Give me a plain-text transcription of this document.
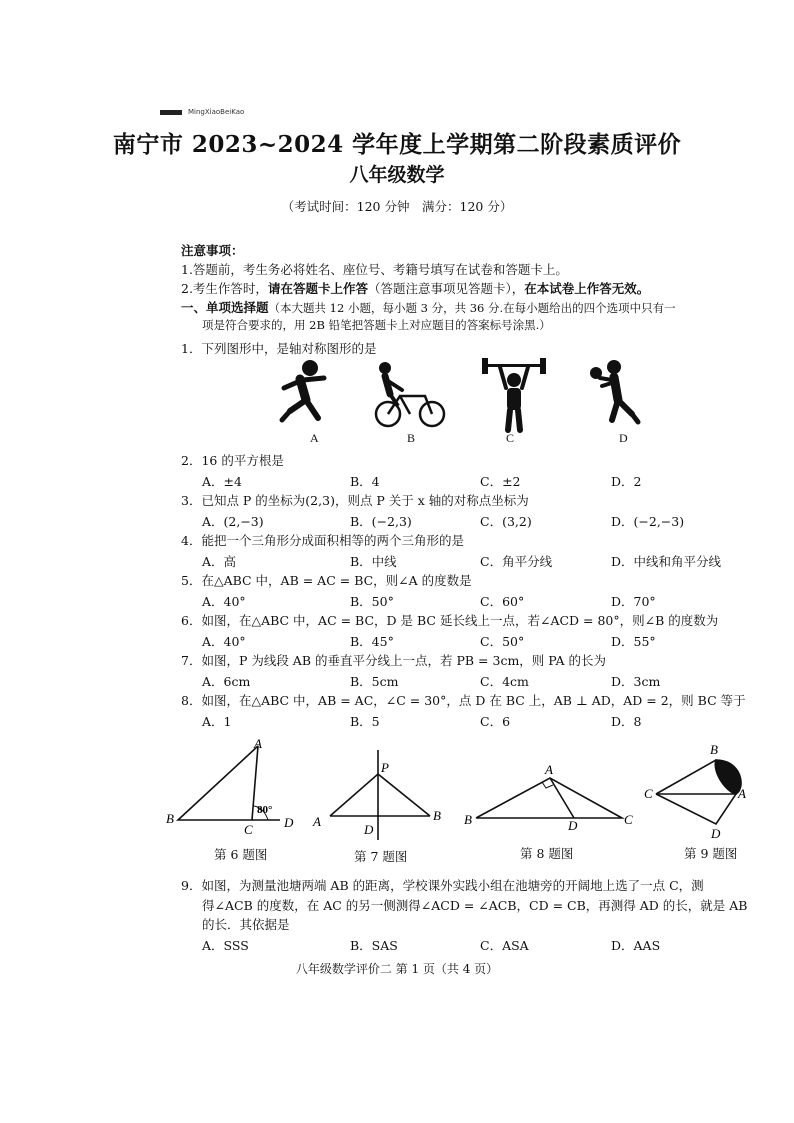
MingXiaoBeiKao
南宁市 2023~2024 学年度上学期第二阶段素质评价
八年级数学
（考试时间：120 分钟　满分：120 分）
注意事项：
1.答题前，考生务必将姓名、座位号、考籍号填写在试卷和答题卡上。
2.考生作答时，请在答题卡上作答（答题注意事项见答题卡），在本试卷上作答无效。
一、单项选择题（本大题共 12 小题，每小题 3 分，共 36 分.在每小题给出的四个选项中只有一
项是符合要求的，用 2B 铅笔把答题卡上对应题目的答案标号涂黑.）
1．下列图形中，是轴对称图形的是
A	B	C	D
2．16 的平方根是
A．±4	B．4	C．±2	D．2
3．已知点 P 的坐标为(2,3)，则点 P 关于 x 轴的对称点坐标为
A．(2,−3)	B．(−2,3)	C．(3,2)	D．(−2,−3)
4．能把一个三角形分成面积相等的两个三角形的是
A．高	B．中线	C．角平分线	D．中线和角平分线
5．在△ABC 中，AB = AC = BC，则∠A 的度数是
A．40°	B．50°	C．60°	D．70°
6．如图，在△ABC 中，AC = BC，D 是 BC 延长线上一点，若∠ACD = 80°，则∠B 的度数为
A．40°	B．45°	C．50°	D．55°
7．如图，P 为线段 AB 的垂直平分线上一点，若 PB = 3cm，则 PA 的长为
A．6cm	B．5cm	C．4cm	D．3cm
8．如图，在△ABC 中，AB = AC，∠C = 30°，点 D 在 BC 上，AB ⊥ AD，AD = 2，则 BC 等于
A．1	B．5	C．6	D．8
A
B
C D
80°
P
A
D
B
A
B	D	C
B
C	A
D
第 6 题图	第 7 题图	第 8 题图	第 9 题图
9．如图，为测量池塘两端 AB 的距离，学校课外实践小组在池塘旁的开阔地上选了一点 C，测
得∠ACB 的度数，在 AC 的另一侧测得∠ACD = ∠ACB，CD = CB，再测得 AD 的长，就是 AB
的长．其依据是
A．SSS	B．SAS	C．ASA	D．AAS
八年级数学评价二 第 1 页（共 4 页）
